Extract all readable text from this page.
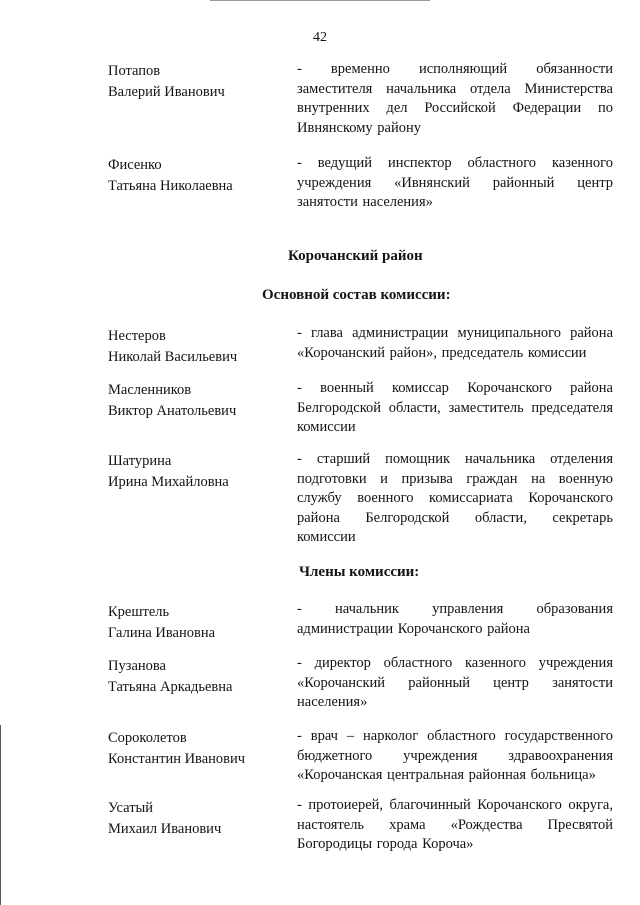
42
Потапов
Валерий Иванович
- временно исполняющий обязанности заместителя начальника отдела Министерства внутренних дел Российской Федерации по Ивнянскому району
Фисенко
Татьяна Николаевна
- ведущий инспектор областного казенного учреждения «Ивнянский районный центр занятости населения»
Корочанский район
Основной состав комиссии:
Нестеров
Николай Васильевич
- глава администрации муниципального района «Корочанский район», председатель комиссии
Масленников
Виктор Анатольевич
- военный комиссар Корочанского района Белгородской области, заместитель председателя комиссии
Шатурина
Ирина Михайловна
- старший помощник начальника отделения подготовки и призыва граждан на военную службу военного комиссариата Корочанского района Белгородской области, секретарь комиссии
Члены комиссии:
Крештель
Галина Ивановна
- начальник управления образования администрации Корочанского района
Пузанова
Татьяна Аркадьевна
- директор областного казенного учреждения «Корочанский районный центр занятости населения»
Сороколетов
Константин Иванович
- врач – нарколог областного государственного бюджетного учреждения здравоохранения «Корочанская центральная районная больница»
Усатый
Михаил Иванович
- протоиерей, благочинный Корочанского округа, настоятель храма «Рождества Пресвятой Богородицы города Короча»
